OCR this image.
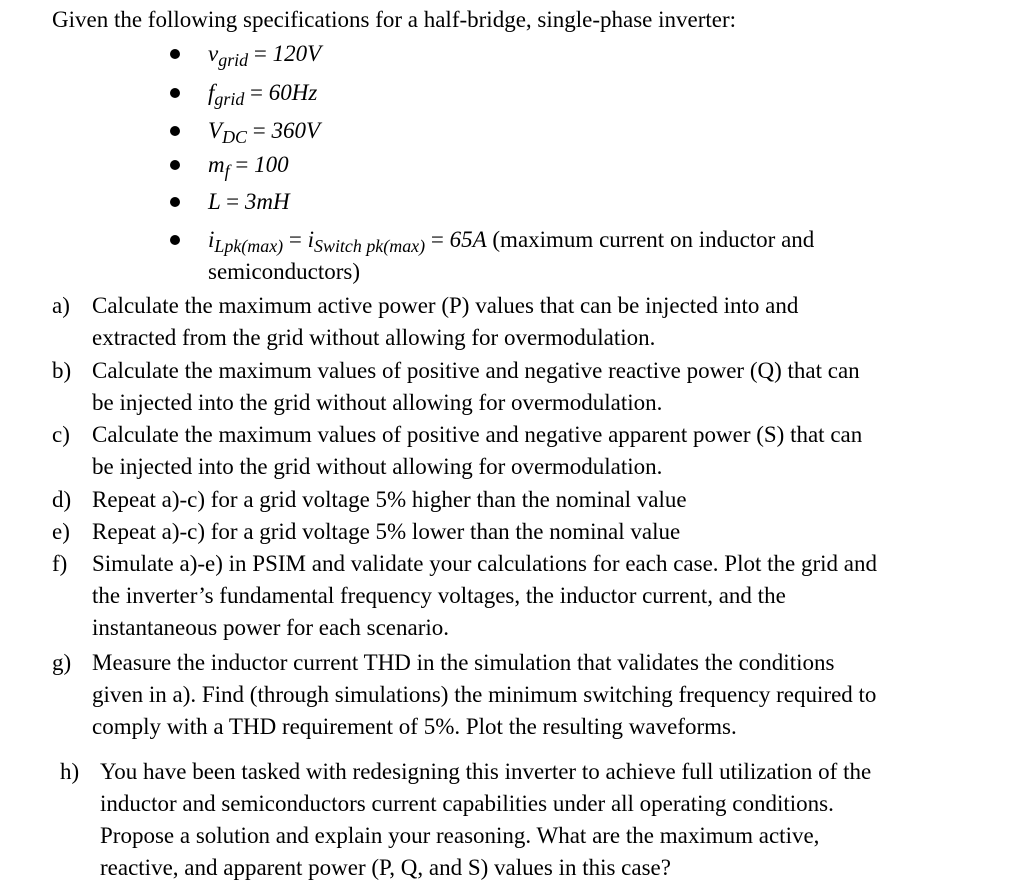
Given the following specifications for a half-bridge, single-phase inverter:
$v_{grid} = 120V$
$f_{grid} = 60Hz$
$V_{DC} = 360V$
$m_f = 100$
L = 3mH
$i_{Lpk(max)} = i_{Switch pk(max)} = 65A$ (maximum current on inductor and
semiconductors)
a) Calculate the maximum active power (P) values that can be injected into and
extracted from the grid without allowing for overmodulation.
b) Calculate the maximum values of positive and negative reactive power (Q) that can
be injected into the grid without allowing for overmodulation.
c) Calculate the maximum values of positive and negative apparent power (S) that can
be injected into the grid without allowing for overmodulation.
d) Repeat a)-c) for a grid voltage 5% higher than the nominal value
e) Repeat a)-c) for a grid voltage 5% lower than the nominal value
f) Simulate a)-e) in PSIM and validate your calculations for each case. Plot the grid and
the inverter’s fundamental frequency voltages, the inductor current, and the
instantaneous power for each scenario.
g) Measure the inductor current THD in the simulation that validates the conditions
given in a). Find (through simulations) the minimum switching frequency required to
comply with a THD requirement of 5%. Plot the resulting waveforms.
h) You have been tasked with redesigning this inverter to achieve full utilization of the
inductor and semiconductors current capabilities under all operating conditions.
Propose a solution and explain your reasoning. What are the maximum active,
reactive, and apparent power (P, Q, and S) values in this case?
